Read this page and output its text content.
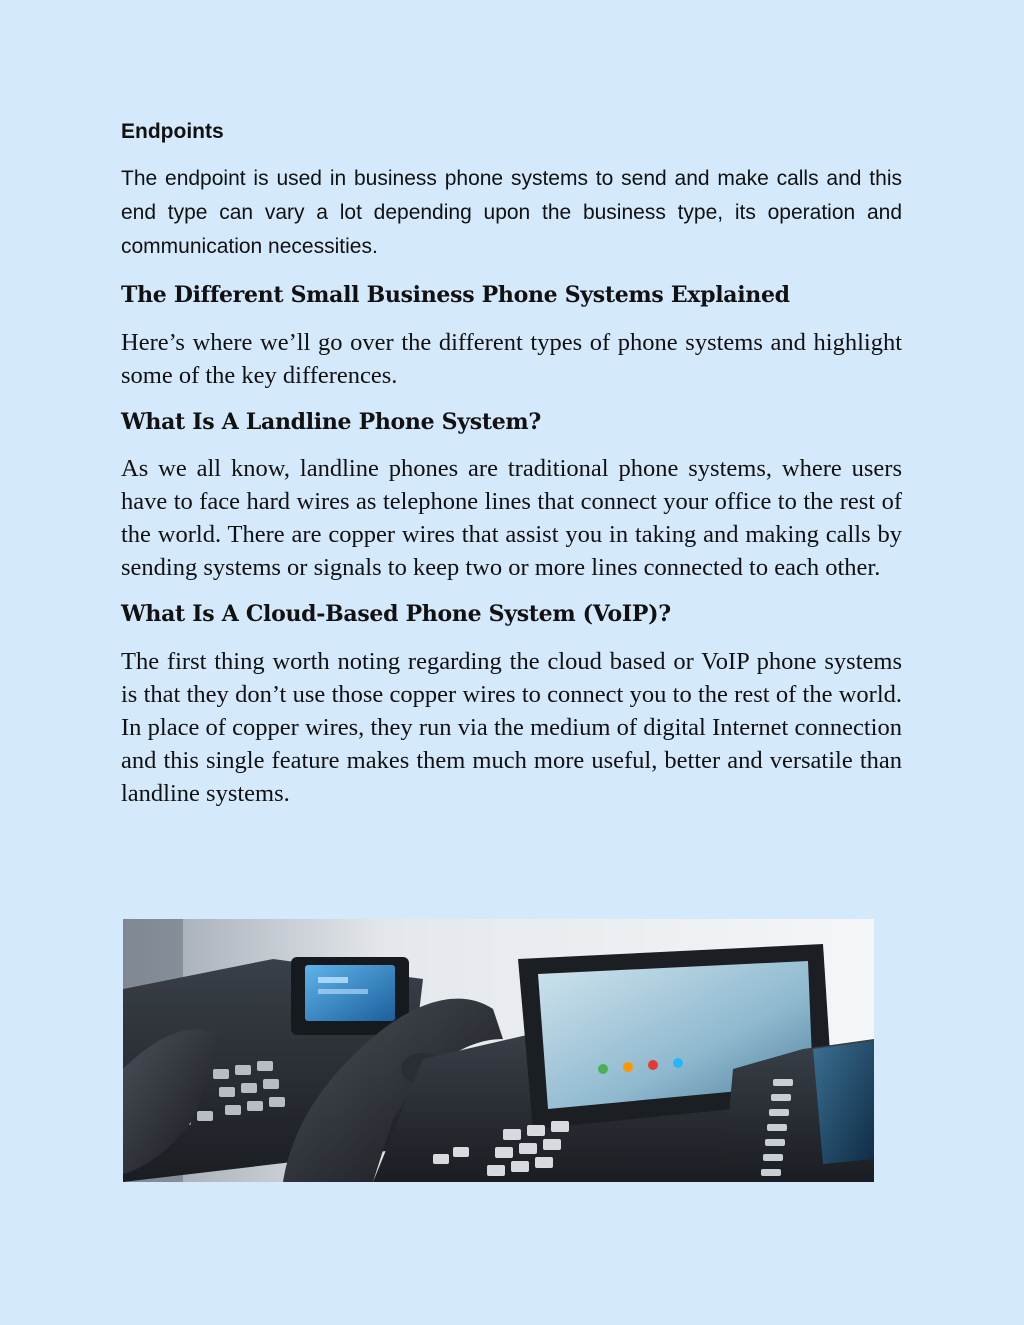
Endpoints

The endpoint is used in business phone systems to send and make calls and this end type can vary a lot depending upon the business type, its operation and communication necessities.

The Different Small Business Phone Systems Explained

Here’s where we’ll go over the different types of phone systems and highlight some of the key differences.

What Is A Landline Phone System?

As we all know, landline phones are traditional phone systems, where users have to face hard wires as telephone lines that connect your office to the rest of the world. There are copper wires that assist you in taking and making calls by sending systems or signals to keep two or more lines connected to each other.

What Is A Cloud-Based Phone System (VoIP)?

The first thing worth noting regarding the cloud based or VoIP phone systems is that they don’t use those copper wires to connect you to the rest of the world. In place of copper wires, they run via the medium of digital Internet connection and this single feature makes them much more useful, better and versatile than landline systems.
